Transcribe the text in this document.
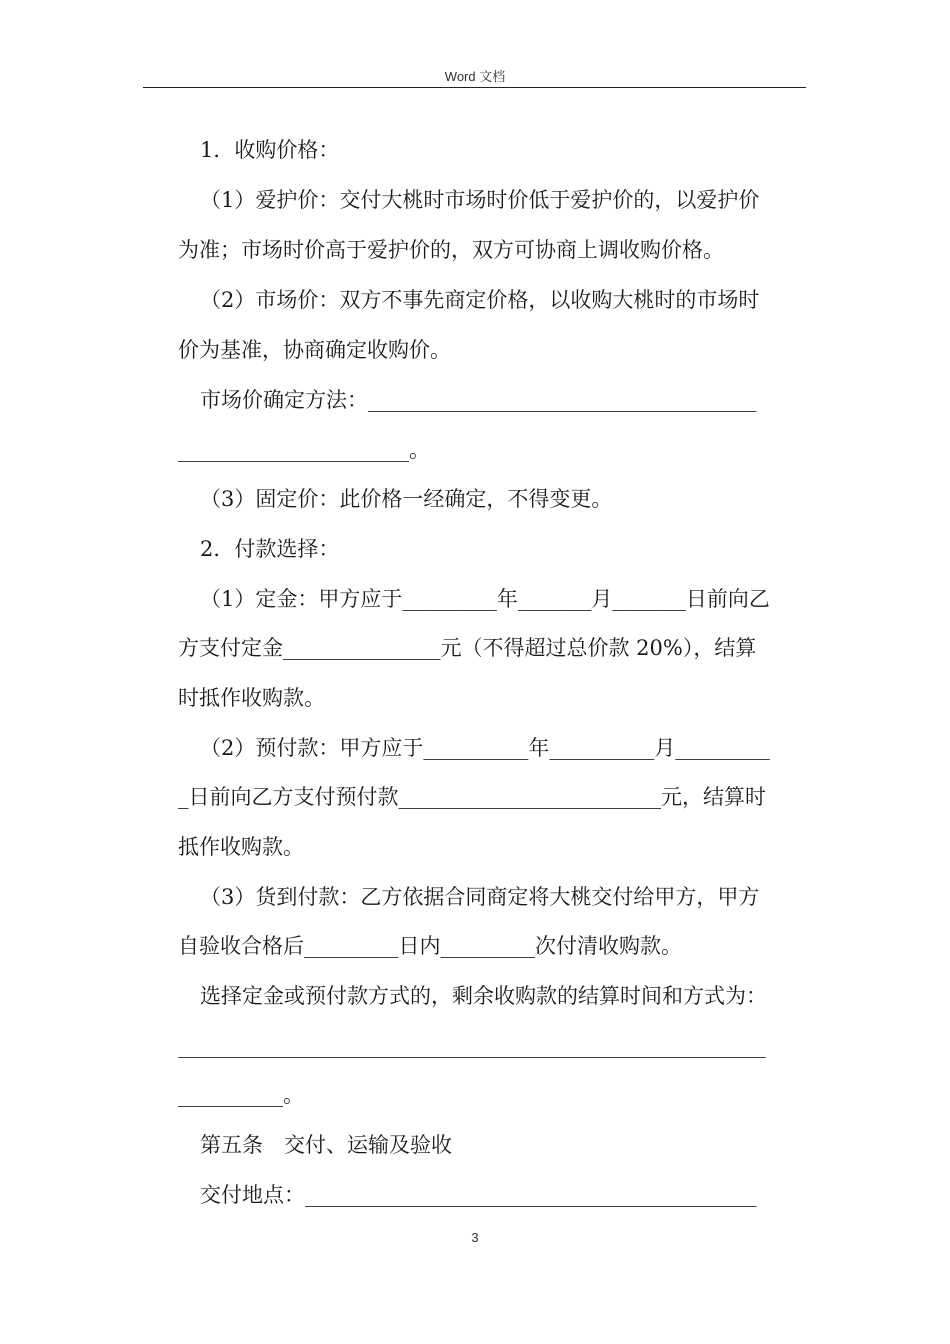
Word 文档
1．收购价格：
（1）爱护价：交付大桃时市场时价低于爱护价的，以爱护价
为准；市场时价高于爱护价的，双方可协商上调收购价格。
（2）市场价：双方不事先商定价格，以收购大桃时的市场时
价为基准，协商确定收购价。
市场价确定方法：_____________________________________
______________________。
（3）固定价：此价格一经确定，不得变更。
2．付款选择：
（1）定金：甲方应于_________年_______月_______日前向乙
方支付定金_______________元（不得超过总价款 20%），结算
时抵作收购款。
（2）预付款：甲方应于__________年__________月_________
_日前向乙方支付预付款_________________________元，结算时
抵作收购款。
（3）货到付款：乙方依据合同商定将大桃交付给甲方，甲方
自验收合格后_________日内_________次付清收购款。
选择定金或预付款方式的，剩余收购款的结算时间和方式为：
________________________________________________________
__________。
第五条　交付、运输及验收
交付地点：___________________________________________
3
